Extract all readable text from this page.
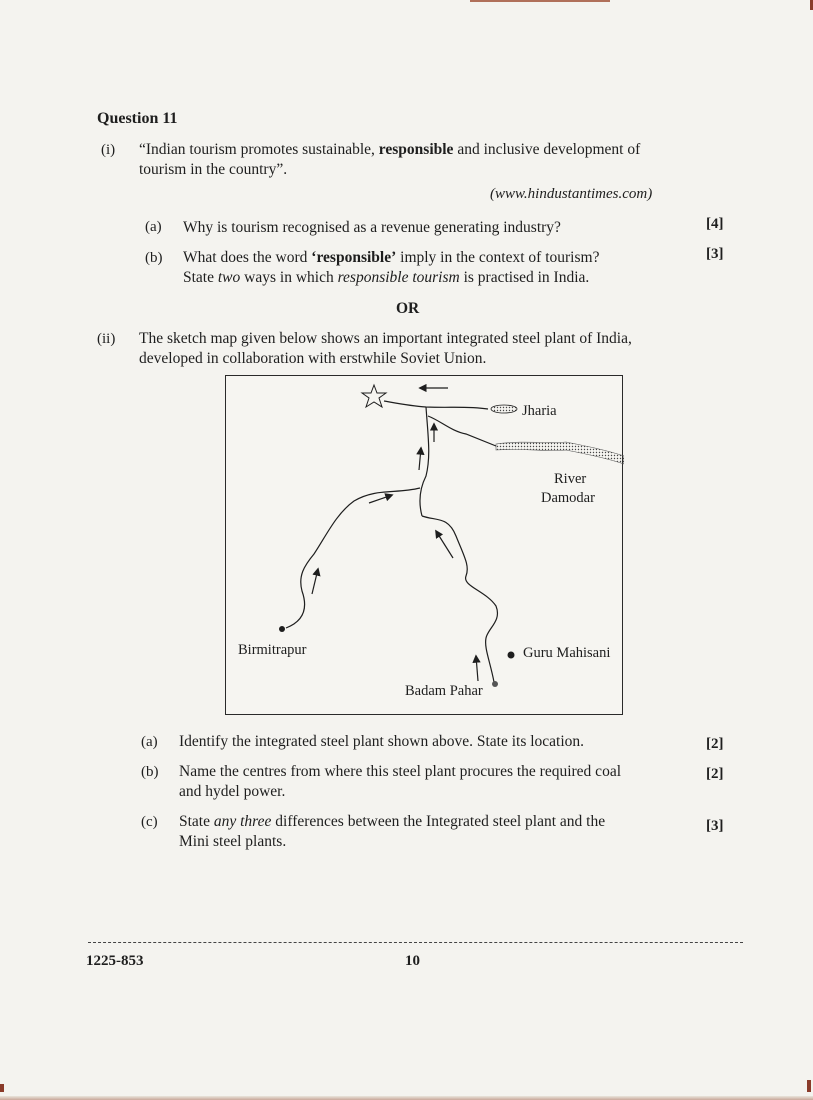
Question 11
(i) “Indian tourism promotes sustainable, responsible and inclusive development of
tourism in the country”.
(www.hindustantimes.com)
(a) Why is tourism recognised as a revenue generating industry?	[4]
(b) What does the word ‘responsible’ imply in the context of tourism?
State two ways in which responsible tourism is practised in India.
[3]
OR
(ii) The sketch map given below shows an important integrated steel plant of India,
developed in collaboration with erstwhile Soviet Union.
Jharia
River
Damodar
Birmitrapur	Guru Mahisani
Badam Pahar
(a) Identify the integrated steel plant shown above. State its location.	[2]
(b) Name the centres from where this steel plant procures the required coal
and hydel power.
[2]
(c) State any three differences between the Integrated steel plant and the
Mini steel plants.
[3]
1225-853	10
